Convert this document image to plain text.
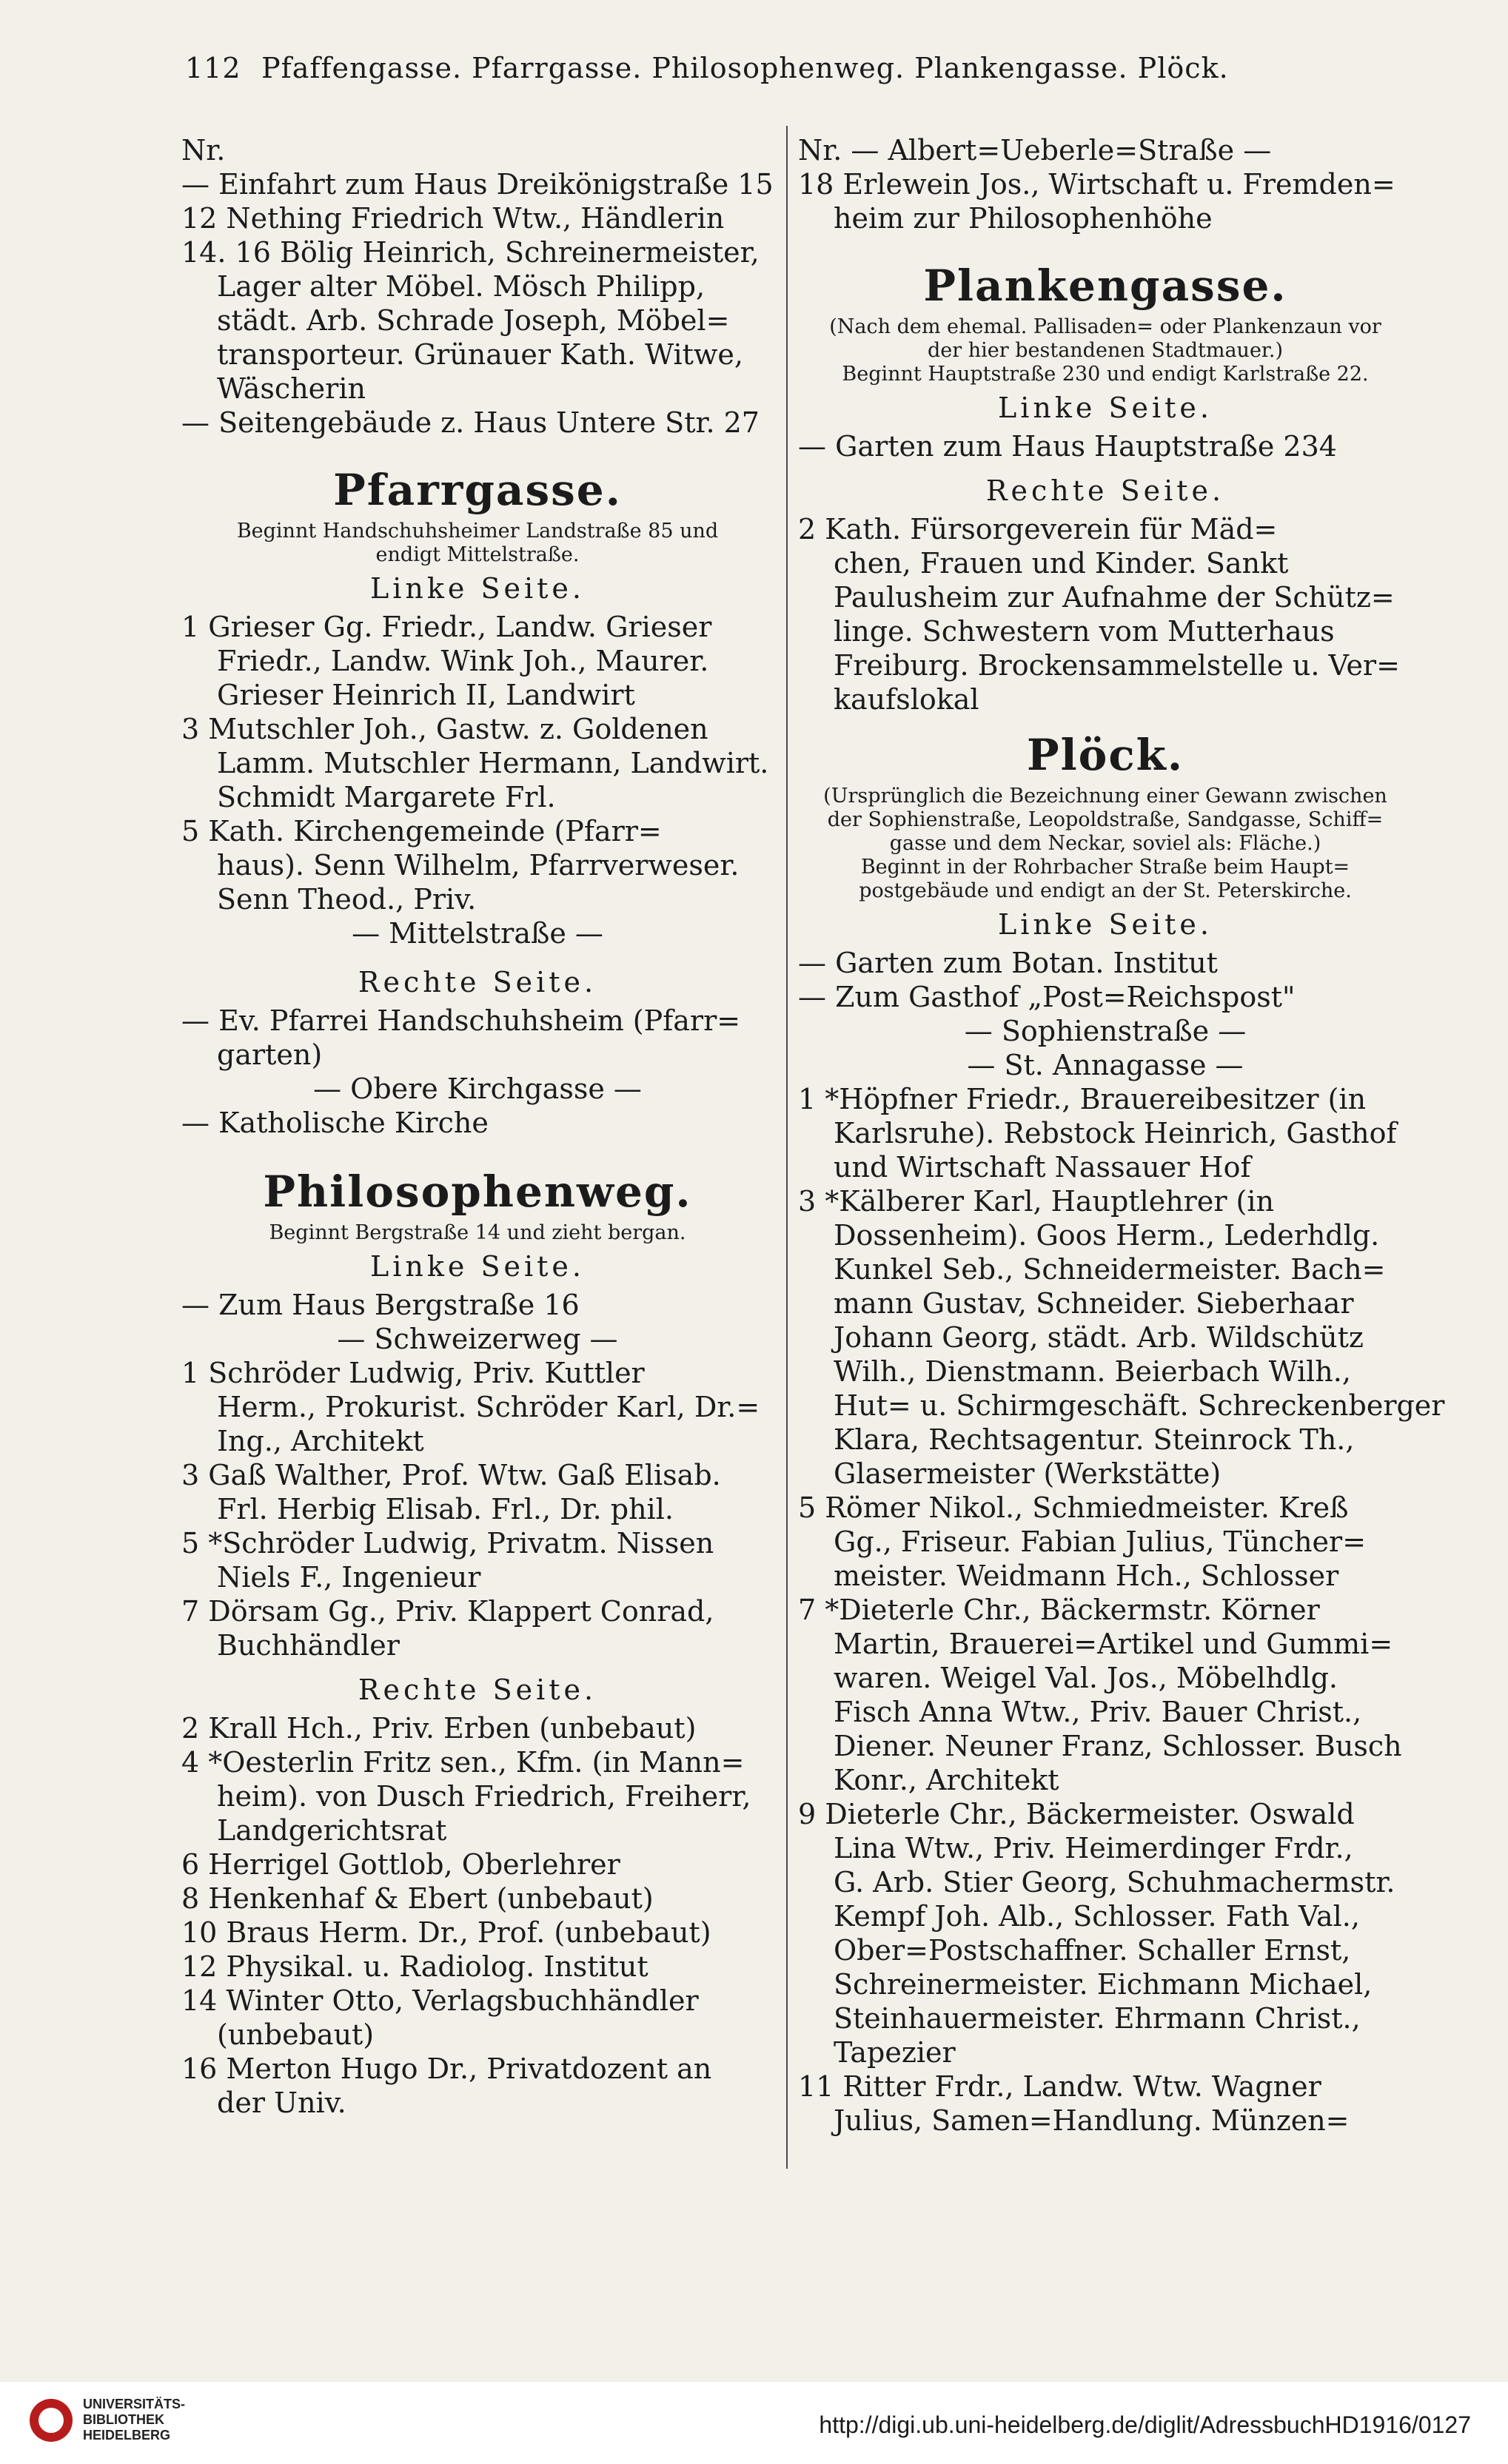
112 Pfaffengasse. Pfarrgasse. Philosophenweg. Plankengasse. Plöck.
Nr.
— Einfahrt zum Haus Dreikönigstraße 15
12 Nething Friedrich Wtw., Händlerin
14. 16 Bölig Heinrich, Schreinermeister,
Lager alter Möbel. Mösch Philipp,
städt. Arb. Schrade Joseph, Möbel=
transporteur. Grünauer Kath. Witwe,
Wäscherin
— Seitengebäude z. Haus Untere Str. 27
Pfarrgasse.
Beginnt Handschuhsheimer Landstraße 85 und
endigt Mittelstraße.
Linke Seite.
1 Grieser Gg. Friedr., Landw. Grieser
Friedr., Landw. Wink Joh., Maurer.
Grieser Heinrich II, Landwirt
3 Mutschler Joh., Gastw. z. Goldenen
Lamm. Mutschler Hermann, Landwirt.
Schmidt Margarete Frl.
5 Kath. Kirchengemeinde (Pfarr=
haus). Senn Wilhelm, Pfarrverweser.
Senn Theod., Priv.
— Mittelstraße —
Rechte Seite.
— Ev. Pfarrei Handschuhsheim (Pfarr=
garten)
— Obere Kirchgasse —
— Katholische Kirche
Philosophenweg.
Beginnt Bergstraße 14 und zieht bergan.
Linke Seite.
— Zum Haus Bergstraße 16
— Schweizerweg —
1 Schröder Ludwig, Priv. Kuttler
Herm., Prokurist. Schröder Karl, Dr.=
Ing., Architekt
3 Gaß Walther, Prof. Wtw. Gaß Elisab.
Frl. Herbig Elisab. Frl., Dr. phil.
5 *Schröder Ludwig, Privatm. Nissen
Niels F., Ingenieur
7 Dörsam Gg., Priv. Klappert Conrad,
Buchhändler
Rechte Seite.
2 Krall Hch., Priv. Erben (unbebaut)
4 *Oesterlin Fritz sen., Kfm. (in Mann=
heim). von Dusch Friedrich, Freiherr,
Landgerichtsrat
6 Herrigel Gottlob, Oberlehrer
8 Henkenhaf & Ebert (unbebaut)
10 Braus Herm. Dr., Prof. (unbebaut)
12 Physikal. u. Radiolog. Institut
14 Winter Otto, Verlagsbuchhändler
(unbebaut)
16 Merton Hugo Dr., Privatdozent an
der Univ.
Nr. — Albert=Ueberle=Straße —
18 Erlewein Jos., Wirtschaft u. Fremden=
heim zur Philosophenhöhe
Plankengasse.
(Nach dem ehemal. Pallisaden= oder Plankenzaun vor
der hier bestandenen Stadtmauer.)
Beginnt Hauptstraße 230 und endigt Karlstraße 22.
Linke Seite.
— Garten zum Haus Hauptstraße 234
Rechte Seite.
2 Kath. Fürsorgeverein für Mäd=
chen, Frauen und Kinder. Sankt
Paulusheim zur Aufnahme der Schütz=
linge. Schwestern vom Mutterhaus
Freiburg. Brockensammelstelle u. Ver=
kaufslokal
Plöck.
(Ursprünglich die Bezeichnung einer Gewann zwischen
der Sophienstraße, Leopoldstraße, Sandgasse, Schiff=
gasse und dem Neckar, soviel als: Fläche.)
Beginnt in der Rohrbacher Straße beim Haupt=
postgebäude und endigt an der St. Peterskirche.
Linke Seite.
— Garten zum Botan. Institut
— Zum Gasthof „Post=Reichspost"
— Sophienstraße —
— St. Annagasse —
1 *Höpfner Friedr., Brauereibesitzer (in
Karlsruhe). Rebstock Heinrich, Gasthof
und Wirtschaft Nassauer Hof
3 *Kälberer Karl, Hauptlehrer (in
Dossenheim). Goos Herm., Lederhdlg.
Kunkel Seb., Schneidermeister. Bach=
mann Gustav, Schneider. Sieberhaar
Johann Georg, städt. Arb. Wildschütz
Wilh., Dienstmann. Beierbach Wilh.,
Hut= u. Schirmgeschäft. Schreckenberger
Klara, Rechtsagentur. Steinrock Th.,
Glasermeister (Werkstätte)
5 Römer Nikol., Schmiedmeister. Kreß
Gg., Friseur. Fabian Julius, Tüncher=
meister. Weidmann Hch., Schlosser
7 *Dieterle Chr., Bäckermstr. Körner
Martin, Brauerei=Artikel und Gummi=
waren. Weigel Val. Jos., Möbelhdlg.
Fisch Anna Wtw., Priv. Bauer Christ.,
Diener. Neuner Franz, Schlosser. Busch
Konr., Architekt
9 Dieterle Chr., Bäckermeister. Oswald
Lina Wtw., Priv. Heimerdinger Frdr.,
G. Arb. Stier Georg, Schuhmachermstr.
Kempf Joh. Alb., Schlosser. Fath Val.,
Ober=Postschaffner. Schaller Ernst,
Schreinermeister. Eichmann Michael,
Steinhauermeister. Ehrmann Christ.,
Tapezier
11 Ritter Frdr., Landw. Wtw. Wagner
Julius, Samen=Handlung. Münzen=
UNIVERSITÄTS-
BIBLIOTHEK
HEIDELBERG	http://digi.ub.uni-heidelberg.de/diglit/AdressbuchHD1916/0127
